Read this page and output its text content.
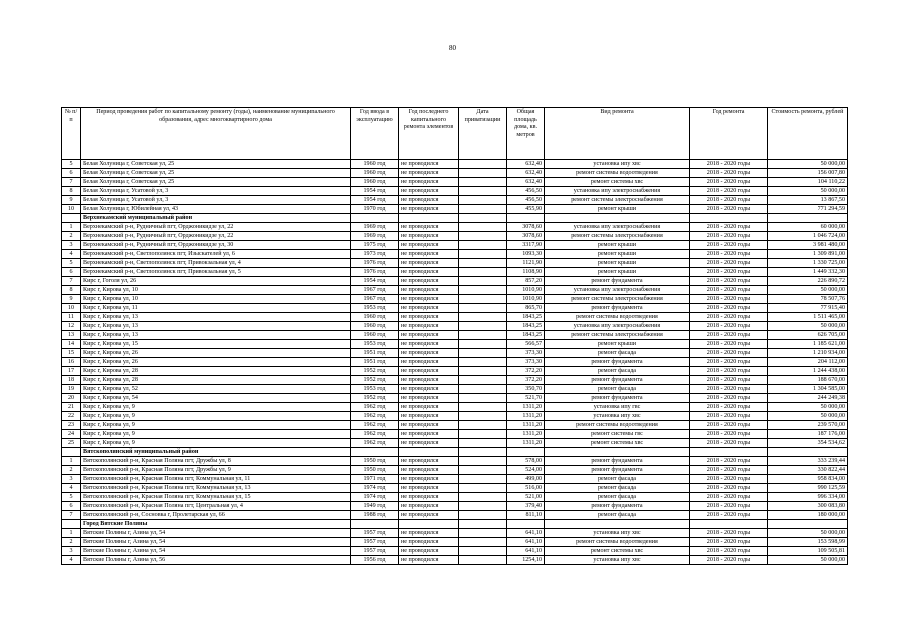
80
№ п/п	Период проведения работ по капитальному ремонту (годы), наименование муниципального образования, адрес многоквартирного дома	Год ввода в эксплуатацию	Год последнего капитального ремонта элементов	Дата приватизации	Общая площадь дома, кв. метров	Вид ремонта	Год ремонта	Стоимость ремонта, рублей
5	Белая Холуница г, Советская ул, 25	1960 год	не проводился		632,40	установка ипу хвс	2018 - 2020 годы	50 000,00
6	Белая Холуница г, Советская ул, 25	1960 год	не проводился		632,40	ремонт системы водоотведения	2018 - 2020 годы	156 007,80
7	Белая Холуница г, Советская ул, 25	1960 год	не проводился		632,40	ремонт системы хвс	2018 - 2020 годы	104 110,22
8	Белая Холуница г, Усатовой ул, 3	1954 год	не проводился		456,50	установка ипу электроснабжения	2018 - 2020 годы	50 000,00
9	Белая Холуница г, Усатовой ул, 3	1954 год	не проводился		456,50	ремонт системы электроснабжения	2018 - 2020 годы	13 867,50
10	Белая Холуница г, Юбилейная ул, 43	1970 год	не проводился		455,90	ремонт крыши	2018 - 2020 годы	771 294,59
	Верхнекамский муниципальный район							
1	Верхнекамский р-н, Рудничный пгт, Орджоникидзе ул, 22	1969 год	не проводился		3078,60	установка ипу электроснабжения	2018 - 2020 годы	60 000,00
2	Верхнекамский р-н, Рудничный пгт, Орджоникидзе ул, 22	1969 год	не проводился		3078,60	ремонт системы электроснабжения	2018 - 2020 годы	1 046 724,00
3	Верхнекамский р-н, Рудничный пгт, Орджоникидзе ул, 30	1975 год	не проводился		3317,90	ремонт крыши	2018 - 2020 годы	3 981 480,00
4	Верхнекамский р-н, Светлополянск пгт, Изыскателей ул, 6	1973 год	не проводился		1093,30	ремонт крыши	2018 - 2020 годы	1 309 891,00
5	Верхнекамский р-н, Светлополянск пгт, Привокзальная ул, 4	1976 год	не проводился		1121,90	ремонт крыши	2018 - 2020 годы	1 330 725,00
6	Верхнекамский р-н, Светлополянск пгт, Привокзальная ул, 5	1976 год	не проводился		1108,90	ремонт крыши	2018 - 2020 годы	1 449 332,30
7	Кирс г, Гоголя ул, 26	1954 год	не проводился		857,20	ремонт фундамента	2018 - 2020 годы	226 890,72
8	Кирс г, Кирова ул, 10	1967 год	не проводился		1010,90	установка ипу электроснабжения	2018 - 2020 годы	50 000,00
9	Кирс г, Кирова ул, 10	1967 год	не проводился		1010,90	ремонт системы электроснабжения	2018 - 2020 годы	78 507,76
10	Кирс г, Кирова ул, 11	1953 год	не проводился		865,70	ремонт фундамента	2018 - 2020 годы	77 915,40
11	Кирс г, Кирова ул, 13	1960 год	не проводился		1843,25	ремонт системы водоотведения	2018 - 2020 годы	1 511 465,00
12	Кирс г, Кирова ул, 13	1960 год	не проводился		1843,25	установка ипу электроснабжения	2018 - 2020 годы	50 000,00
13	Кирс г, Кирова ул, 13	1960 год	не проводился		1843,25	ремонт системы электроснабжения	2018 - 2020 годы	626 705,00
14	Кирс г, Кирова ул, 15	1953 год	не проводился		566,57	ремонт крыши	2018 - 2020 годы	1 185 621,00
15	Кирс г, Кирова ул, 26	1951 год	не проводился		373,30	ремонт фасада	2018 - 2020 годы	1 210 934,00
16	Кирс г, Кирова ул, 26	1951 год	не проводился		373,30	ремонт фундамента	2018 - 2020 годы	204 112,00
17	Кирс г, Кирова ул, 28	1952 год	не проводился		372,20	ремонт фасада	2018 - 2020 годы	1 244 438,00
18	Кирс г, Кирова ул, 28	1952 год	не проводился		372,20	ремонт фундамента	2018 - 2020 годы	188 670,00
19	Кирс г, Кирова ул, 52	1953 год	не проводился		350,70	ремонт фасада	2018 - 2020 годы	1 304 585,00
20	Кирс г, Кирова ул, 54	1952 год	не проводился		521,70	ремонт фундамента	2018 - 2020 годы	244 249,38
21	Кирс г, Кирова ул, 9	1962 год	не проводился		1311,20	установка ипу гвс	2018 - 2020 годы	50 000,00
22	Кирс г, Кирова ул, 9	1962 год	не проводился		1311,20	установка ипу хвс	2018 - 2020 годы	50 000,00
23	Кирс г, Кирова ул, 9	1962 год	не проводился		1311,20	ремонт системы водоотведения	2018 - 2020 годы	239 570,00
24	Кирс г, Кирова ул, 9	1962 год	не проводился		1311,20	ремонт системы гвс	2018 - 2020 годы	187 176,00
25	Кирс г, Кирова ул, 9	1962 год	не проводился		1311,20	ремонт системы хвс	2018 - 2020 годы	354 534,62
	Вятскополянский муниципальный район							
1	Вятскополянский р-н, Красная Поляна пгт, Дружбы ул, 8	1950 год	не проводился		578,00	ремонт фундамента	2018 - 2020 годы	333 239,44
2	Вятскополянский р-н, Красная Поляна пгт, Дружбы ул, 9	1950 год	не проводился		524,00	ремонт фундамента	2018 - 2020 годы	330 822,44
3	Вятскополянский р-н, Красная Поляна пгт, Коммунальная ул, 11	1971 год	не проводился		499,00	ремонт фасада	2018 - 2020 годы	958 834,00
4	Вятскополянский р-н, Красная Поляна пгт, Коммунальная ул, 13	1974 год	не проводился		516,00	ремонт фасада	2018 - 2020 годы	990 125,59
5	Вятскополянский р-н, Красная Поляна пгт, Коммунальная ул, 15	1974 год	не проводился		521,00	ремонт фасада	2018 - 2020 годы	996 334,00
6	Вятскополянский р-н, Красная Поляна пгт, Центральная ул, 4	1949 год	не проводился		379,40	ремонт фундамента	2018 - 2020 годы	300 083,80
7	Вятскополянский р-н, Сосновка г, Пролетарская ул, 66	1988 год	не проводился		811,10	ремонт фасада	2018 - 2020 годы	180 000,00
	Город Вятские Поляны							
1	Вятские Поляны г, Азина ул, 54	1957 год	не проводился		641,10	установка ипу хвс	2018 - 2020 годы	50 000,00
2	Вятские Поляны г, Азина ул, 54	1957 год	не проводился		641,10	ремонт системы водоотведения	2018 - 2020 годы	153 598,99
3	Вятские Поляны г, Азина ул, 54	1957 год	не проводился		641,10	ремонт системы хвс	2018 - 2020 годы	109 505,81
4	Вятские Поляны г, Азина ул, 56	1956 год	не проводился		1254,10	установка ипу хвс	2018 - 2020 годы	50 000,00
